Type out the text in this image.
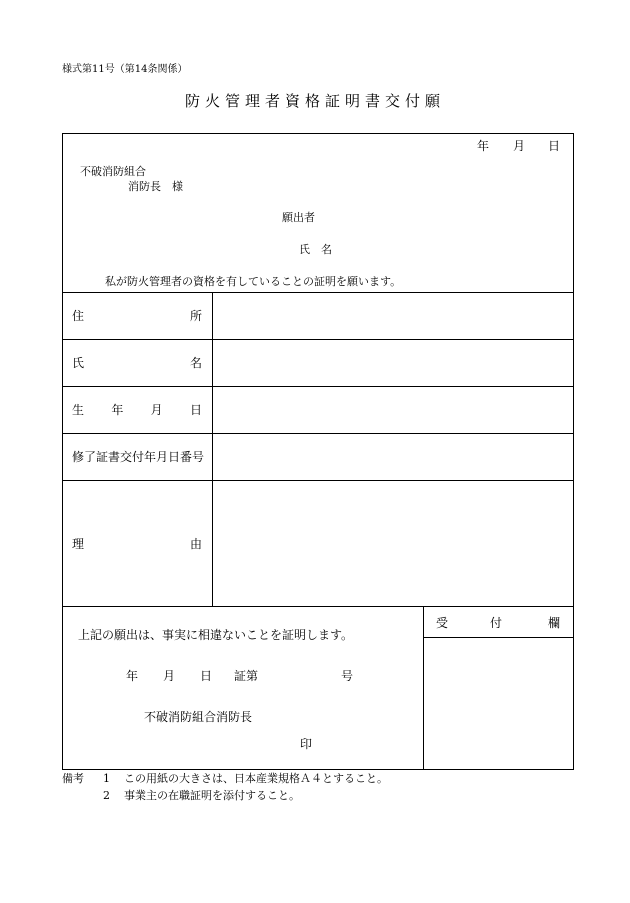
様式第11号（第14条関係）
防火管理者資格証明書交付願
年 月 日
不破消防組合
消防長　様
願出者
氏　名
私が防火管理者の資格を有していることの証明を願います。
住	所
氏	名
生 年 月 日
修了証書交付年月日番号
理	由
上記の願出は、事実に相違ないことを証明します。
年 月 日 証第	号
不破消防組合消防長
印
受	付	欄
備考 1 この用紙の大きさは、日本産業規格Ａ４とすること。
2 事業主の在職証明を添付すること。
